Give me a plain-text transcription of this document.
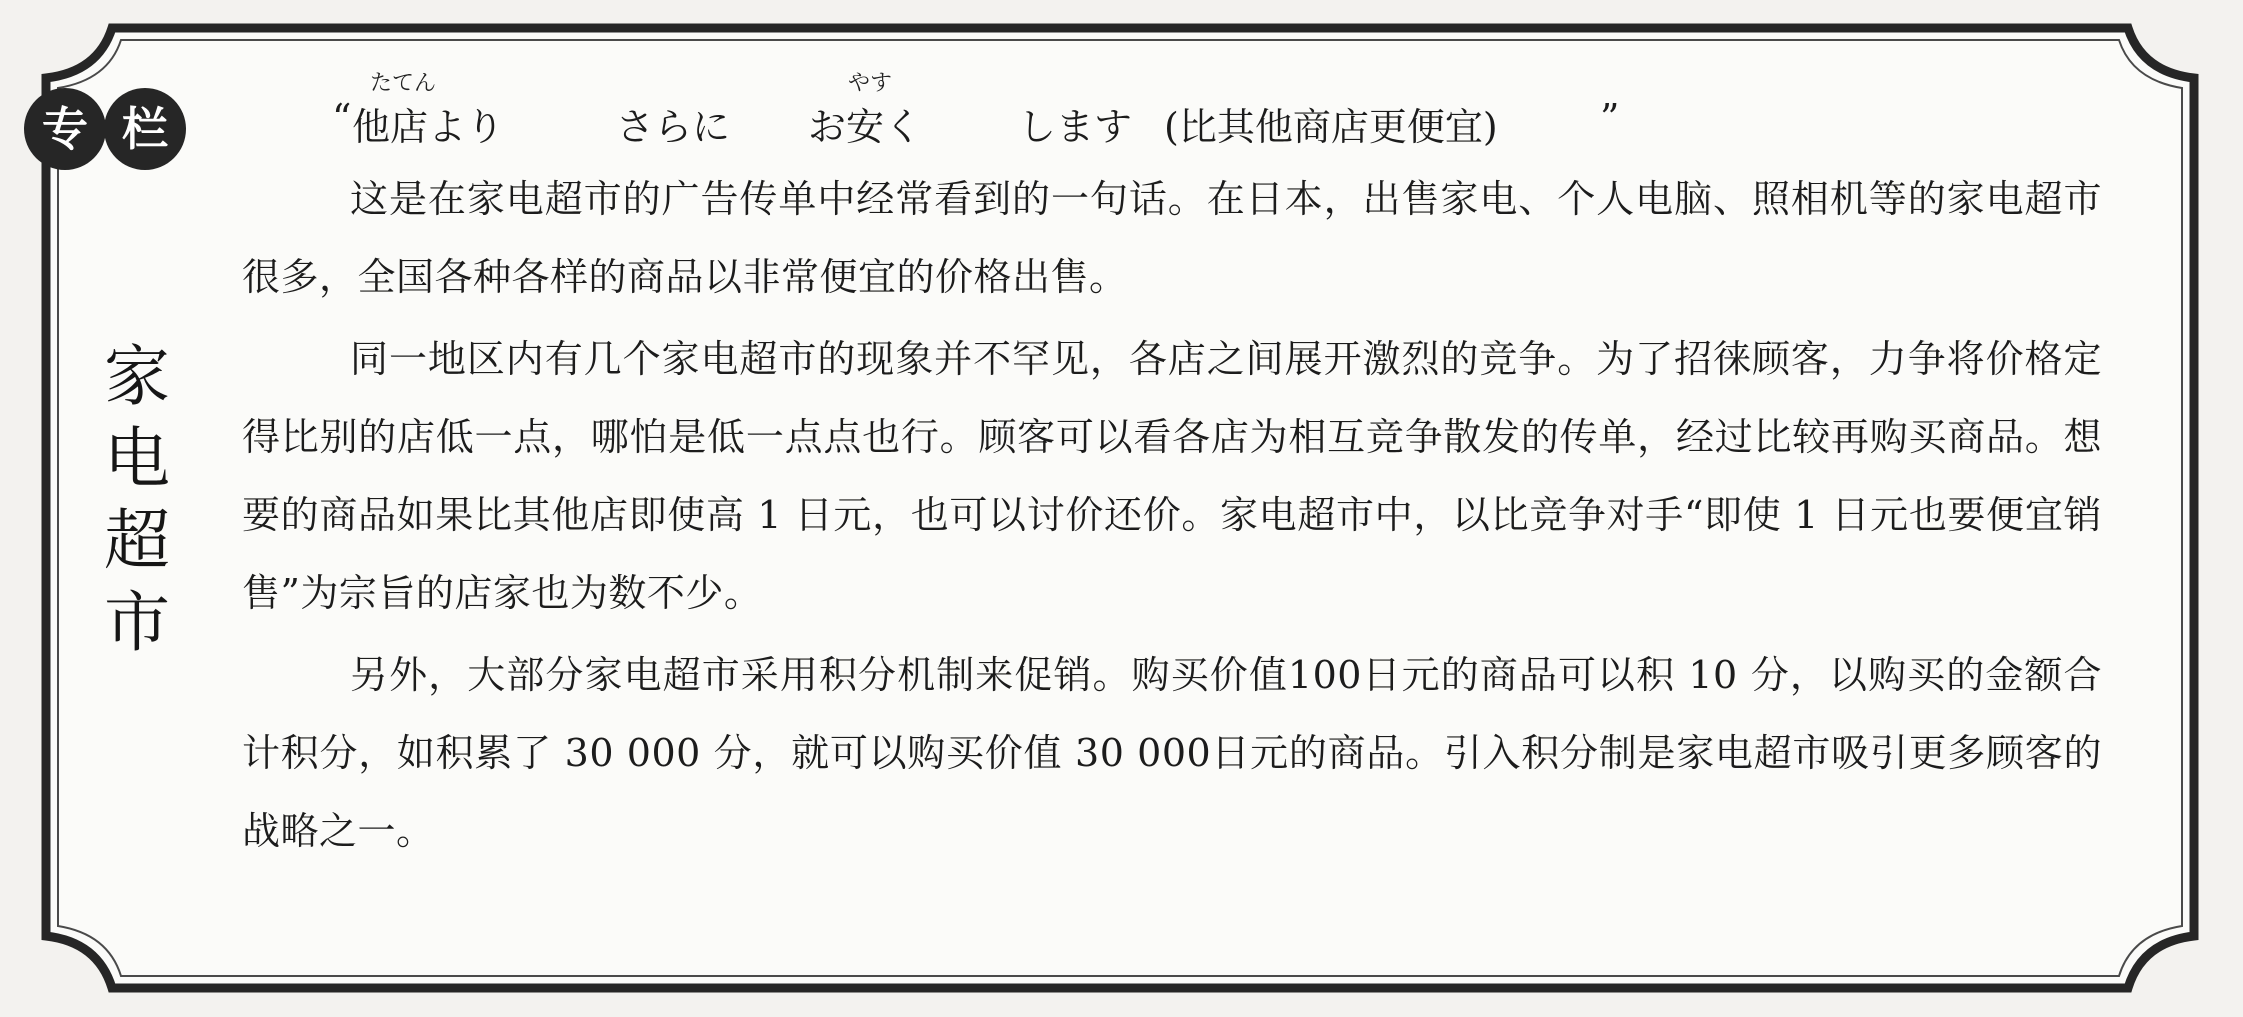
专 栏
家
电
超
市
たてん	やす
“ 他店より	さらに お安く	します (比其他商店更便宜)	”

这是在家电超市的广告传单中经常看到的一句话。在日本，出售家电、个人电脑、照相机等的家电超市很多，全国各种各样的商品以非常便宜的价格出售。

同一地区内有几个家电超市的现象并不罕见，各店之间展开激烈的竞争。为了招徕顾客，力争将价格定得比别的店低一点，哪怕是低一点点也行。顾客可以看各店为相互竞争散发的传单，经过比较再购买商品。想要的商品如果比其他店即使高 1 日元，也可以讨价还价。家电超市中，以比竞争对手“即使 1 日元也要便宜销售”为宗旨的店家也为数不少。

另外，大部分家电超市采用积分机制来促销。购买价值100日元的商品可以积 10 分，以购买的金额合计积分，如积累了 30 000 分，就可以购买价值 30 000日元的商品。引入积分制是家电超市吸引更多顾客的战略之一。
